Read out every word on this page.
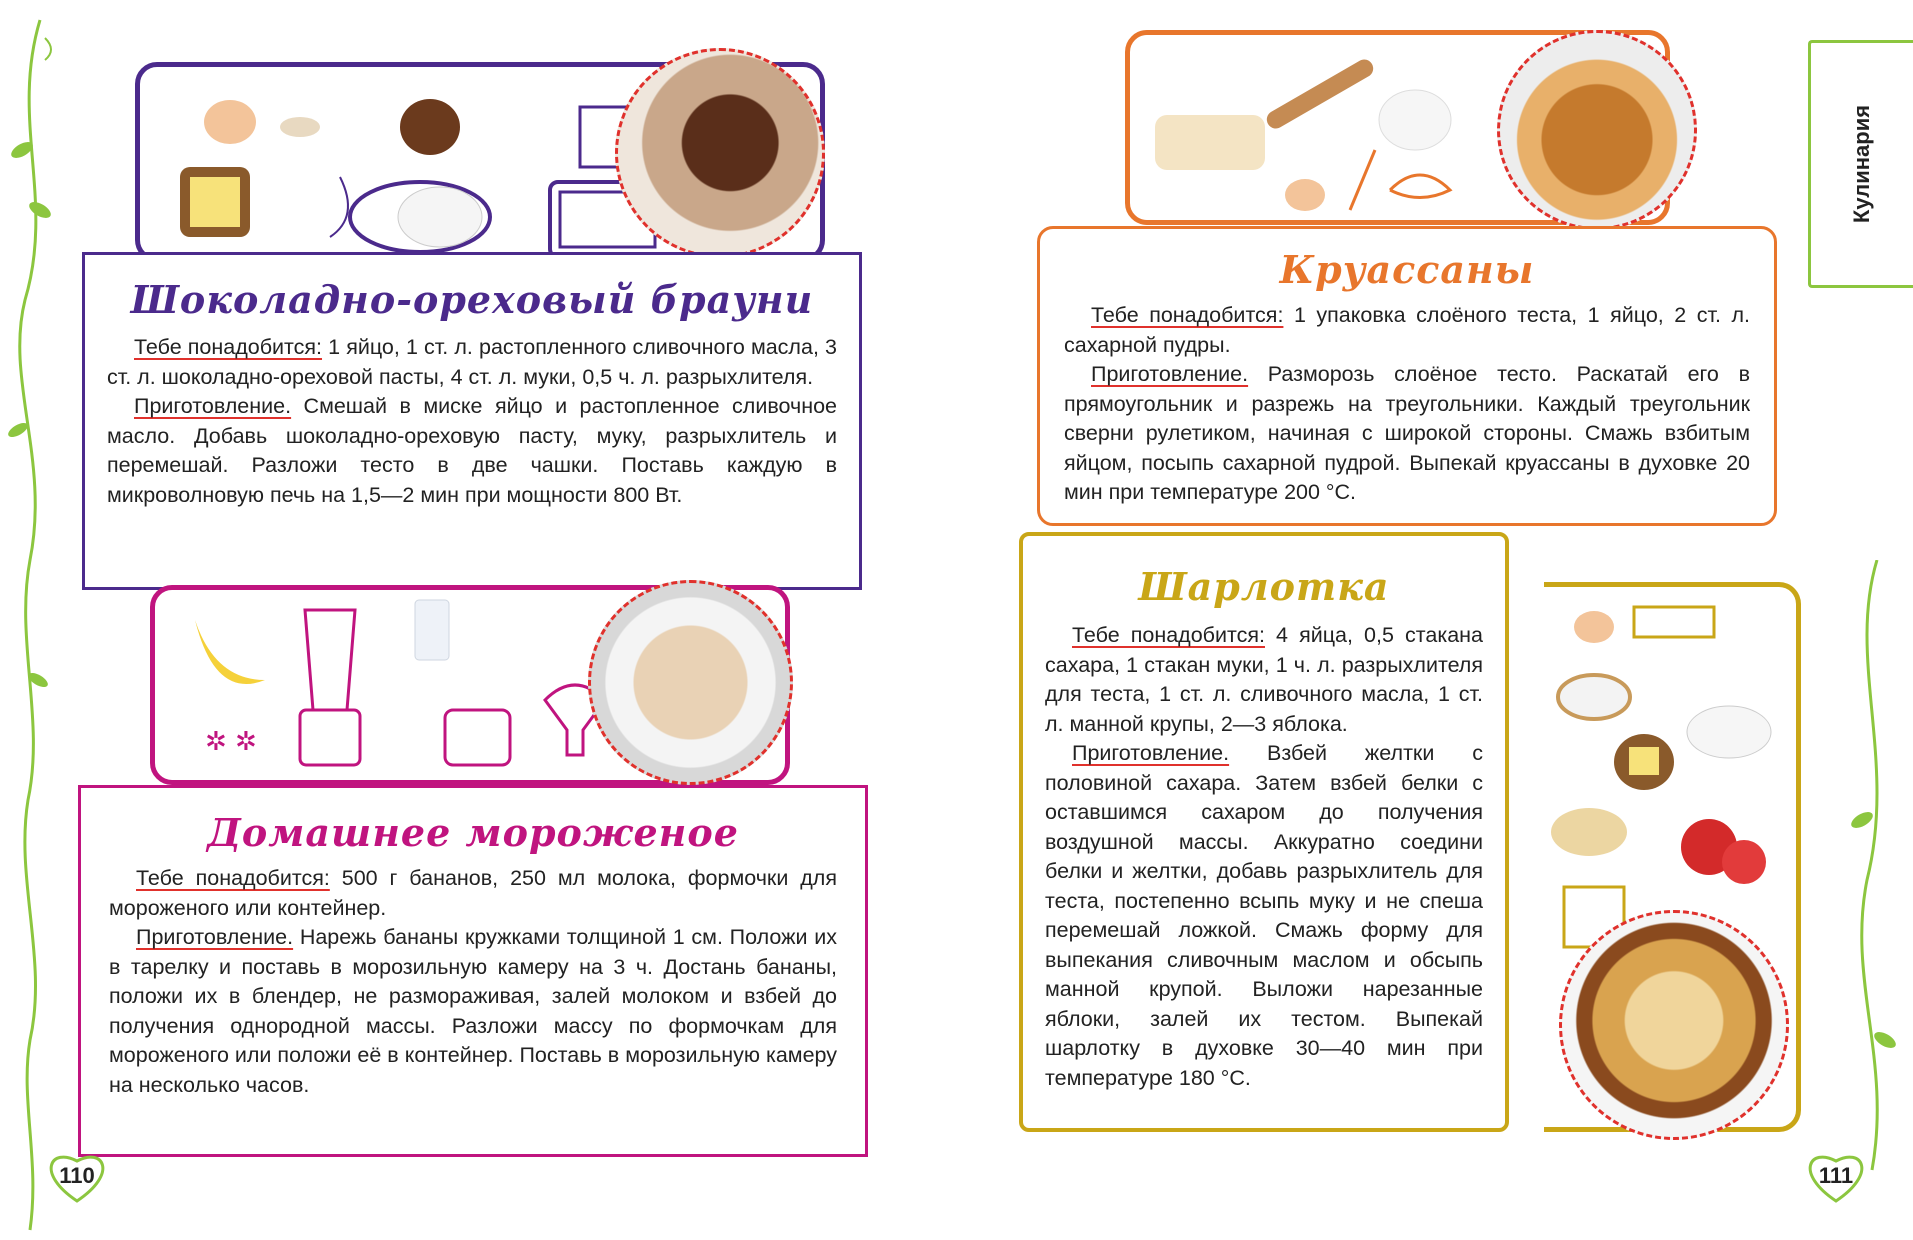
Шоколадно-ореховый брауни

Тебе понадобится: 1 яйцо, 1 ст. л. растопленного сливочного масла, 3 ст. л. шоколадно-ореховой пасты, 4 ст. л. муки, 0,5 ч. л. разрыхлителя.

Приготовление. Смешай в миске яйцо и растопленное сливочное масло. Добавь шоколадно-ореховую пасту, муку, разрыхлитель и перемешай. Разложи тесто в две чашки. Поставь каждую в микроволновую печь на 1,5—2 мин при мощности 800 Вт.

✲ ✲
Домашнее мороженое

Тебе понадобится: 500 г бананов, 250 мл молока, формочки для мороженого или контейнер.

Приготовление. Нарежь бананы кружками толщиной 1 см. Положи их в тарелку и поставь в морозильную камеру на 3 ч. Достань бананы, положи их в блендер, не размораживая, залей молоком и взбей до получения однородной массы. Разложи массу по формочкам для мороженого или положи её в контейнер. Поставь в морозильную камеру на несколько часов.

110
Круассаны

Тебе понадобится: 1 упаковка слоёного теста, 1 яйцо, 2 ст. л. сахарной пудры.

Приготовление. Разморозь слоёное тесто. Раскатай его в прямоугольник и разрежь на треугольники. Каждый треугольник сверни рулетиком, начиная с широкой стороны. Смажь взбитым яйцом, посыпь сахарной пудрой. Выпекай круассаны в духовке 20 мин при температуре 200 °С.

Шарлотка

Тебе понадобится: 4 яйца, 0,5 стакана сахара, 1 стакан муки, 1 ч. л. разрыхлителя для теста, 1 ст. л. сливочного масла, 1 ст. л. манной крупы, 2—3 яблока.

Приготовление. Взбей желтки с половиной сахара. Затем взбей белки с оставшимся сахаром до получения воздушной массы. Аккуратно соедини белки и желтки, добавь разрыхлитель для теста, постепенно всыпь муку и не спеша перемешай ложкой. Смажь форму для выпекания сливочным маслом и обсыпь манной крупой. Выложи нарезанные яблоки, залей их тестом. Выпекай шарлотку в духовке 30—40 мин при температуре 180 °С.

Кулинария
111
